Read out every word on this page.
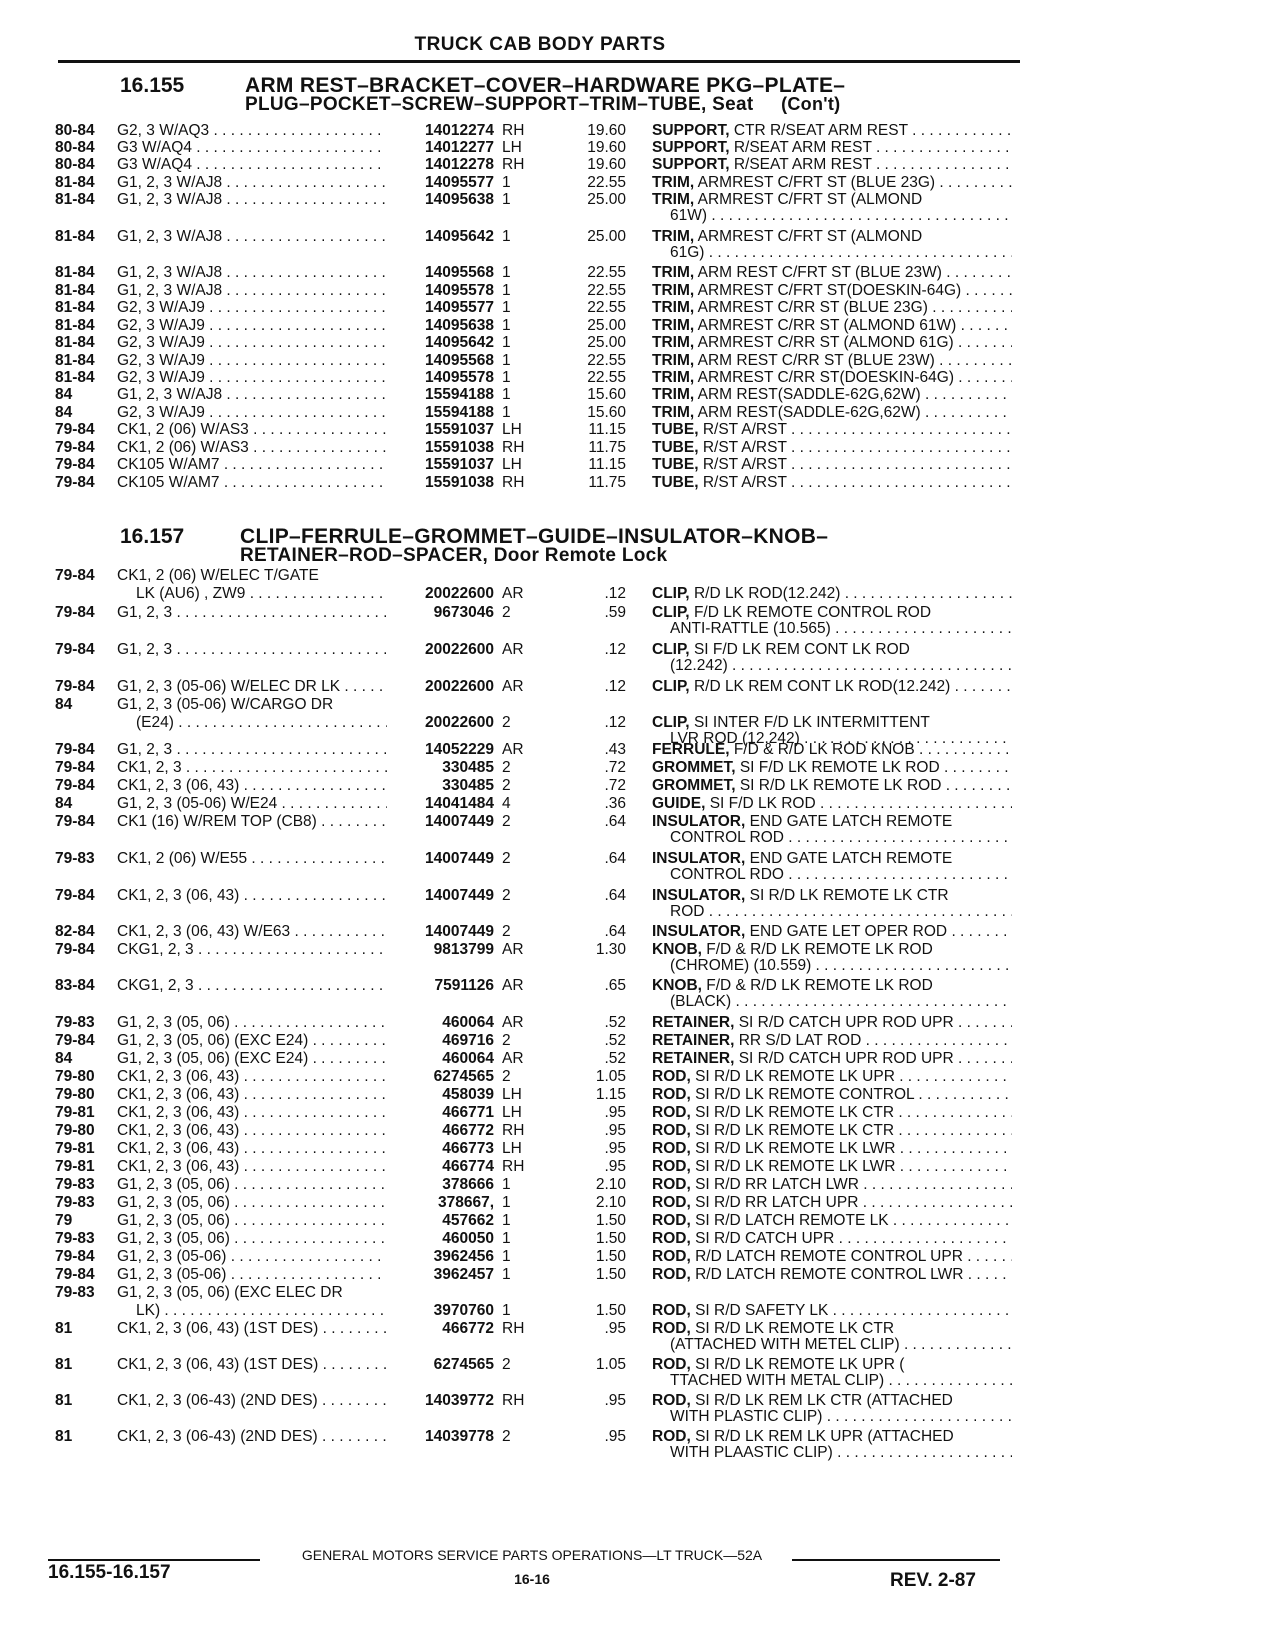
TRUCK CAB BODY PARTS
16.155	ARM REST–BRACKET–COVER–HARDWARE PKG–PLATE–
PLUG–POCKET–SCREW–SUPPORT–TRIM–TUBE, Seat (Con't)
80-84 G2, 3 W/AQ3 . . .	14012274 RH	19.60 SUPPORT, CTR R/SEAT ARM REST . . .
80-84 G3 W/AQ4 . . .	14012277 LH	19.60 SUPPORT, R/SEAT ARM REST . . .
80-84 G3 W/AQ4 . . .	14012278 RH	19.60 SUPPORT, R/SEAT ARM REST . . .
81-84 G1, 2, 3 W/AJ8 . . .	14095577 1	22.55 TRIM, ARMREST C/FRT ST (BLUE 23G) . . .
81-84 G1, 2, 3 W/AJ8 . . .	14095638 1	25.00 TRIM, ARMREST C/FRT ST (ALMOND
61W) . . .
81-84 G1, 2, 3 W/AJ8 . . .	14095642 1	25.00 TRIM, ARMREST C/FRT ST (ALMOND
61G) . . .
81-84 G1, 2, 3 W/AJ8 . . .	14095568 1	22.55 TRIM, ARM REST C/FRT ST (BLUE 23W) . . .
81-84 G1, 2, 3 W/AJ8 . . .	14095578 1	22.55 TRIM, ARMREST C/FRT ST(DOESKIN-64G) . . .
81-84 G2, 3 W/AJ9 . . .	14095577 1	22.55 TRIM, ARMREST C/RR ST (BLUE 23G) . . .
81-84 G2, 3 W/AJ9 . . .	14095638 1	25.00 TRIM, ARMREST C/RR ST (ALMOND 61W) . . .
81-84 G2, 3 W/AJ9 . . .	14095642 1	25.00 TRIM, ARMREST C/RR ST (ALMOND 61G) . . .
81-84 G2, 3 W/AJ9 . . .	14095568 1	22.55 TRIM, ARM REST C/RR ST (BLUE 23W) . . .
81-84 G2, 3 W/AJ9 . . .	14095578 1	22.55 TRIM, ARMREST C/RR ST(DOESKIN-64G) . . .
84	G1, 2, 3 W/AJ8 . . .	15594188 1	15.60 TRIM, ARM REST(SADDLE-62G,62W) . . .
84	G2, 3 W/AJ9 . . .	15594188 1	15.60 TRIM, ARM REST(SADDLE-62G,62W) . . .
79-84 CK1, 2 (06) W/AS3 . . .	15591037 LH	11.15 TUBE, R/ST A/RST . . .
79-84 CK1, 2 (06) W/AS3 . . .	15591038 RH	11.75 TUBE, R/ST A/RST . . .
79-84 CK105 W/AM7 . . .	15591037 LH	11.15 TUBE, R/ST A/RST . . .
79-84 CK105 W/AM7 . . .	15591038 RH	11.75 TUBE, R/ST A/RST . . .
16.157	CLIP–FERRULE–GROMMET–GUIDE–INSULATOR–KNOB–
RETAINER–ROD–SPACER, Door Remote Lock
79-84 CK1, 2 (06) W/ELEC T/GATE
LK (AU6) , ZW9 . . .	20022600 AR	.12 CLIP, R/D LK ROD(12.242) . . .
79-84 G1, 2, 3 . . .	9673046 2	.59 CLIP, F/D LK REMOTE CONTROL ROD
ANTI-RATTLE (10.565) . . .
79-84 G1, 2, 3 . . .	20022600 AR	.12 CLIP, SI F/D LK REM CONT LK ROD
(12.242) . . .
79-84 G1, 2, 3 (05-06) W/ELEC DR LK . . .	20022600 AR	.12 CLIP, R/D LK REM CONT LK ROD(12.242) . . .
84	G1, 2, 3 (05-06) W/CARGO DR
(E24) . . .	20022600 2	.12 CLIP, SI INTER F/D LK INTERMITTENT
LVR ROD (12.242) . . .
79-84 G1, 2, 3 . . .	14052229 AR	.43 FERRULE, F/D & R/D LK ROD KNOB . . .
79-84 CK1, 2, 3 . . .	330485 2	.72 GROMMET, SI F/D LK REMOTE LK ROD . . .
79-84 CK1, 2, 3 (06, 43) . . .	330485 2	.72 GROMMET, SI R/D LK REMOTE LK ROD . . .
84	G1, 2, 3 (05-06) W/E24 . . .	14041484 4	.36 GUIDE, SI F/D LK ROD . . .
79-84 CK1 (16) W/REM TOP (CB8) . . .	14007449 2	.64 INSULATOR, END GATE LATCH REMOTE
CONTROL ROD . . .
79-83 CK1, 2 (06) W/E55 . . .	14007449 2	.64 INSULATOR, END GATE LATCH REMOTE
CONTROL RDO . . .
79-84 CK1, 2, 3 (06, 43) . . .	14007449 2	.64 INSULATOR, SI R/D LK REMOTE LK CTR
ROD . . .
82-84 CK1, 2, 3 (06, 43) W/E63 . . .	14007449 2	.64 INSULATOR, END GATE LET OPER ROD . . .
79-84 CKG1, 2, 3 . . .	9813799 AR	1.30 KNOB, F/D & R/D LK REMOTE LK ROD
(CHROME) (10.559) . . .
83-84 CKG1, 2, 3 . . .	7591126 AR	.65 KNOB, F/D & R/D LK REMOTE LK ROD
(BLACK) . . .
79-83 G1, 2, 3 (05, 06) . . .	460064 AR	.52 RETAINER, SI R/D CATCH UPR ROD UPR . . .
79-84 G1, 2, 3 (05, 06) (EXC E24) . . .	469716 2	.52 RETAINER, RR S/D LAT ROD . . .
84	G1, 2, 3 (05, 06) (EXC E24) . . .	460064 AR	.52 RETAINER, SI R/D CATCH UPR ROD UPR . . .
79-80 CK1, 2, 3 (06, 43) . . .	6274565 2	1.05 ROD, SI R/D LK REMOTE LK UPR . . .
79-80 CK1, 2, 3 (06, 43) . . .	458039 LH	1.15 ROD, SI R/D LK REMOTE CONTROL . . .
79-81 CK1, 2, 3 (06, 43) . . .	466771 LH	.95 ROD, SI R/D LK REMOTE LK CTR . . .
79-80 CK1, 2, 3 (06, 43) . . .	466772 RH	.95 ROD, SI R/D LK REMOTE LK CTR . . .
79-81 CK1, 2, 3 (06, 43) . . .	466773 LH	.95 ROD, SI R/D LK REMOTE LK LWR . . .
79-81 CK1, 2, 3 (06, 43) . . .	466774 RH	.95 ROD, SI R/D LK REMOTE LK LWR . . .
79-83 G1, 2, 3 (05, 06) . . .	378666 1	2.10 ROD, SI R/D RR LATCH LWR . . .
79-83 G1, 2, 3 (05, 06) . . .	378667, 1	2.10 ROD, SI R/D RR LATCH UPR . . .
79	G1, 2, 3 (05, 06) . . .	457662 1	1.50 ROD, SI R/D LATCH REMOTE LK . . .
79-83 G1, 2, 3 (05, 06) . . .	460050 1	1.50 ROD, SI R/D CATCH UPR . . .
79-84 G1, 2, 3 (05-06) . . .	3962456 1	1.50 ROD, R/D LATCH REMOTE CONTROL UPR . . .
79-84 G1, 2, 3 (05-06) . . .	3962457 1	1.50 ROD, R/D LATCH REMOTE CONTROL LWR . . .
79-83 G1, 2, 3 (05, 06) (EXC ELEC DR
LK) . . .	3970760 1	1.50 ROD, SI R/D SAFETY LK . . .
81	CK1, 2, 3 (06, 43) (1ST DES) . . .	466772 RH	.95 ROD, SI R/D LK REMOTE LK CTR
(ATTACHED WITH METEL CLIP) . . .
81	CK1, 2, 3 (06, 43) (1ST DES) . . .	6274565 2	1.05 ROD, SI R/D LK REMOTE LK UPR (
TTACHED WITH METAL CLIP) . . .
81	CK1, 2, 3 (06-43) (2ND DES) . . .	14039772 RH	.95 ROD, SI R/D LK REM LK CTR (ATTACHED
WITH PLASTIC CLIP) . . .
81	CK1, 2, 3 (06-43) (2ND DES) . . .	14039778 2	.95 ROD, SI R/D LK REM LK UPR (ATTACHED
WITH PLAASTIC CLIP) . . .
GENERAL MOTORS SERVICE PARTS OPERATIONS—LT TRUCK—52A
16.155-16.157	16-16	REV. 2-87
